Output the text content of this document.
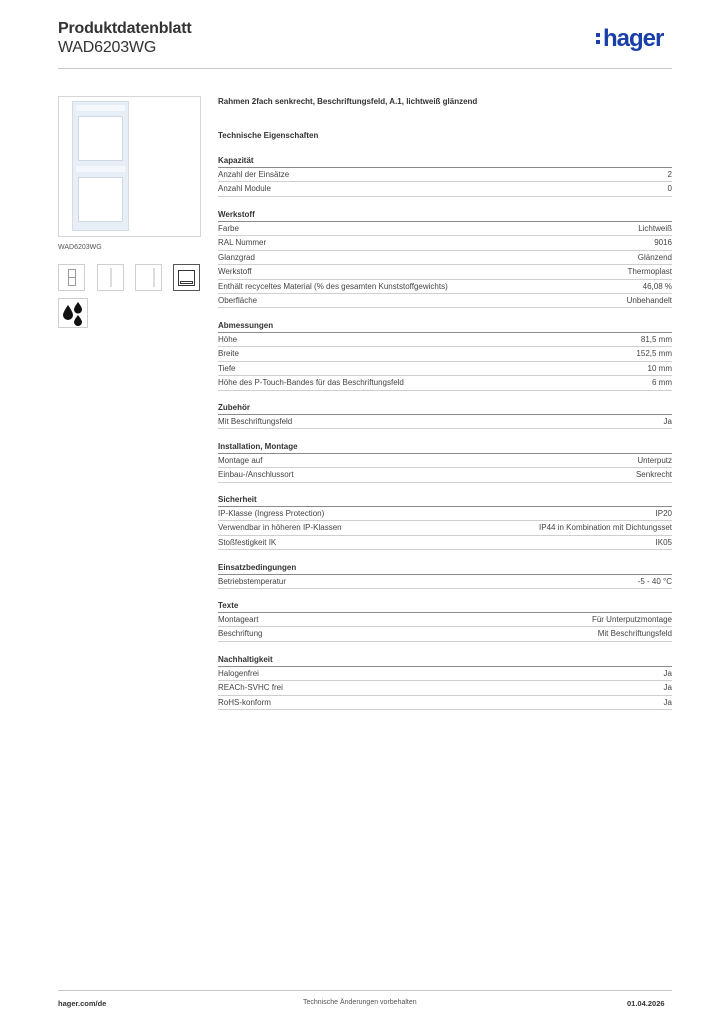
Produktdatenblatt
WAD6203WG	hager
WAD6203WG
Rahmen 2fach senkrecht, Beschriftungsfeld, A.1, lichtweiß glänzend
Technische Eigenschaften
Kapazität
Anzahl der Einsätze	2
Anzahl Module	0
Werkstoff
Farbe	Lichtweiß
RAL Nummer	9016
Glanzgrad	Glänzend
Werkstoff	Thermoplast
Enthält recyceltes Material (% des gesamten Kunststoffgewichts)	46,08 %
Oberfläche	Unbehandelt
Abmessungen
Höhe	81,5 mm
Breite	152,5 mm
Tiefe	10 mm
Höhe des P-Touch-Bandes für das Beschriftungsfeld	6 mm
Zubehör
Mit Beschriftungsfeld	Ja
Installation, Montage
Montage auf	Unterputz
Einbau-/Anschlussort	Senkrecht
Sicherheit
IP-Klasse (Ingress Protection)	IP20
Verwendbar in höheren IP-Klassen	IP44 in Kombination mit Dichtungsset
Stoßfestigkeit IK	IK05
Einsatzbedingungen
Betriebstemperatur	-5 - 40 °C
Texte
Montageart	Für Unterputzmontage
Beschriftung	Mit Beschriftungsfeld
Nachhaltigkeit
Halogenfrei	Ja
REACh-SVHC frei	Ja
RoHS-konform	Ja
hager.com/de	Technische Änderungen vorbehalten	01.04.2026
